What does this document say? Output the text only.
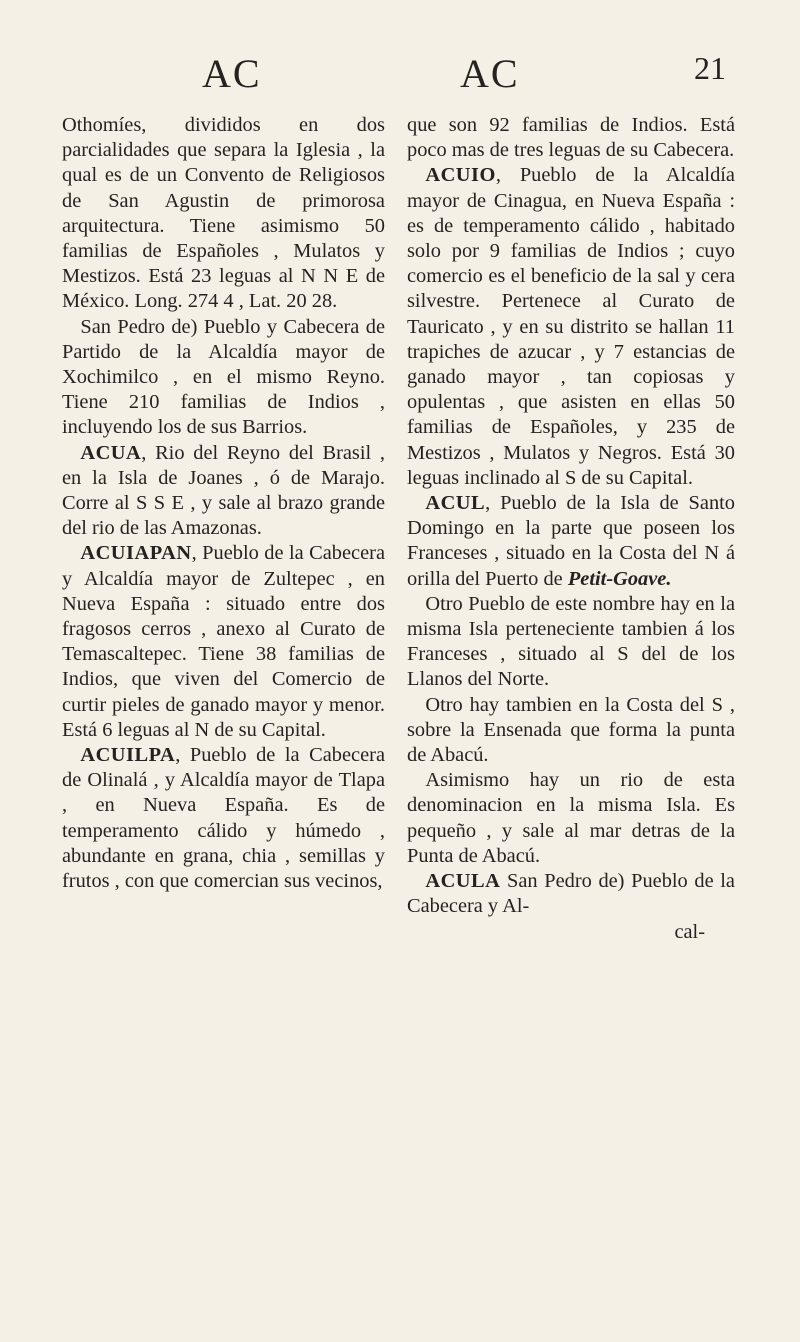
AC	AC	21

Othomíes, divididos en dos parcialidades que separa la Iglesia , la qual es de un Convento de Religiosos de San Agustin de primorosa arquitectura. Tiene asimismo 50 familias de Españoles , Mulatos y Mestizos. Está 23 leguas al N N E de México. Long. 274 4 , Lat. 20 28.

San Pedro de) Pueblo y Cabecera de Partido de la Alcaldía mayor de Xochimilco , en el mismo Reyno. Tiene 210 familias de Indios , incluyendo los de sus Barrios.

ACUA, Rio del Reyno del Brasil , en la Isla de Joanes , ó de Marajo. Corre al S S E , y sale al brazo grande del rio de las Amazonas.

ACUIAPAN, Pueblo de la Cabecera y Alcaldía mayor de Zultepec , en Nueva España : situado entre dos fragosos cerros , anexo al Curato de Temascaltepec. Tiene 38 familias de Indios, que viven del Comercio de curtir pieles de ganado mayor y menor. Está 6 leguas al N de su Capital.

ACUILPA, Pueblo de la Cabecera de Olinalá , y Alcaldía mayor de Tlapa , en Nueva España. Es de temperamento cálido y húmedo , abundante en grana, chia , semillas y frutos , con que comercian sus vecinos,

que son 92 familias de Indios. Está poco mas de tres leguas de su Cabecera.

ACUIO, Pueblo de la Alcaldía mayor de Cinagua, en Nueva España : es de temperamento cálido , habitado solo por 9 familias de Indios ; cuyo comercio es el beneficio de la sal y cera silvestre. Pertenece al Curato de Tauricato , y en su distrito se hallan 11 trapiches de azucar , y 7 estancias de ganado mayor , tan copiosas y opulentas , que asisten en ellas 50 familias de Españoles, y 235 de Mestizos , Mulatos y Negros. Está 30 leguas inclinado al S de su Capital.

ACUL, Pueblo de la Isla de Santo Domingo en la parte que poseen los Franceses , situado en la Costa del N á orilla del Puerto de Petit-Goave.

Otro Pueblo de este nombre hay en la misma Isla perteneciente tambien á los Franceses , situado al S del de los Llanos del Norte.

Otro hay tambien en la Costa del S , sobre la Ensenada que forma la punta de Abacú.

Asimismo hay un rio de esta denominacion en la misma Isla. Es pequeño , y sale al mar detras de la Punta de Abacú.

ACULA San Pedro de) Pueblo de la Cabecera y Al-

cal-
